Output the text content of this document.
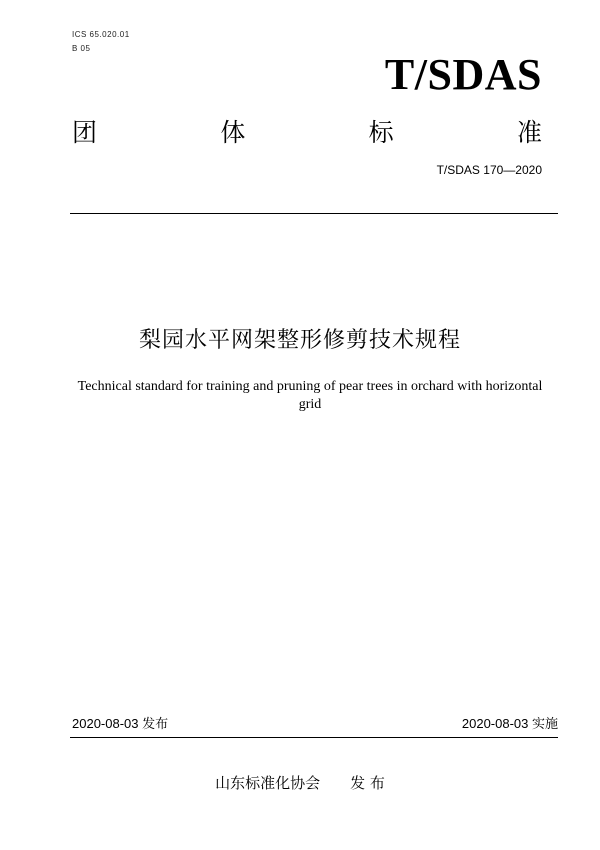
ICS 65.020.01
B 05
T/SDAS
团	体	标	准
T/SDAS 170—2020
梨园水平网架整形修剪技术规程
Technical standard for training and pruning of pear trees in orchard with horizontal
grid
2020-08-03 发布	2020-08-03 实施
山东标准化协会 发 布
